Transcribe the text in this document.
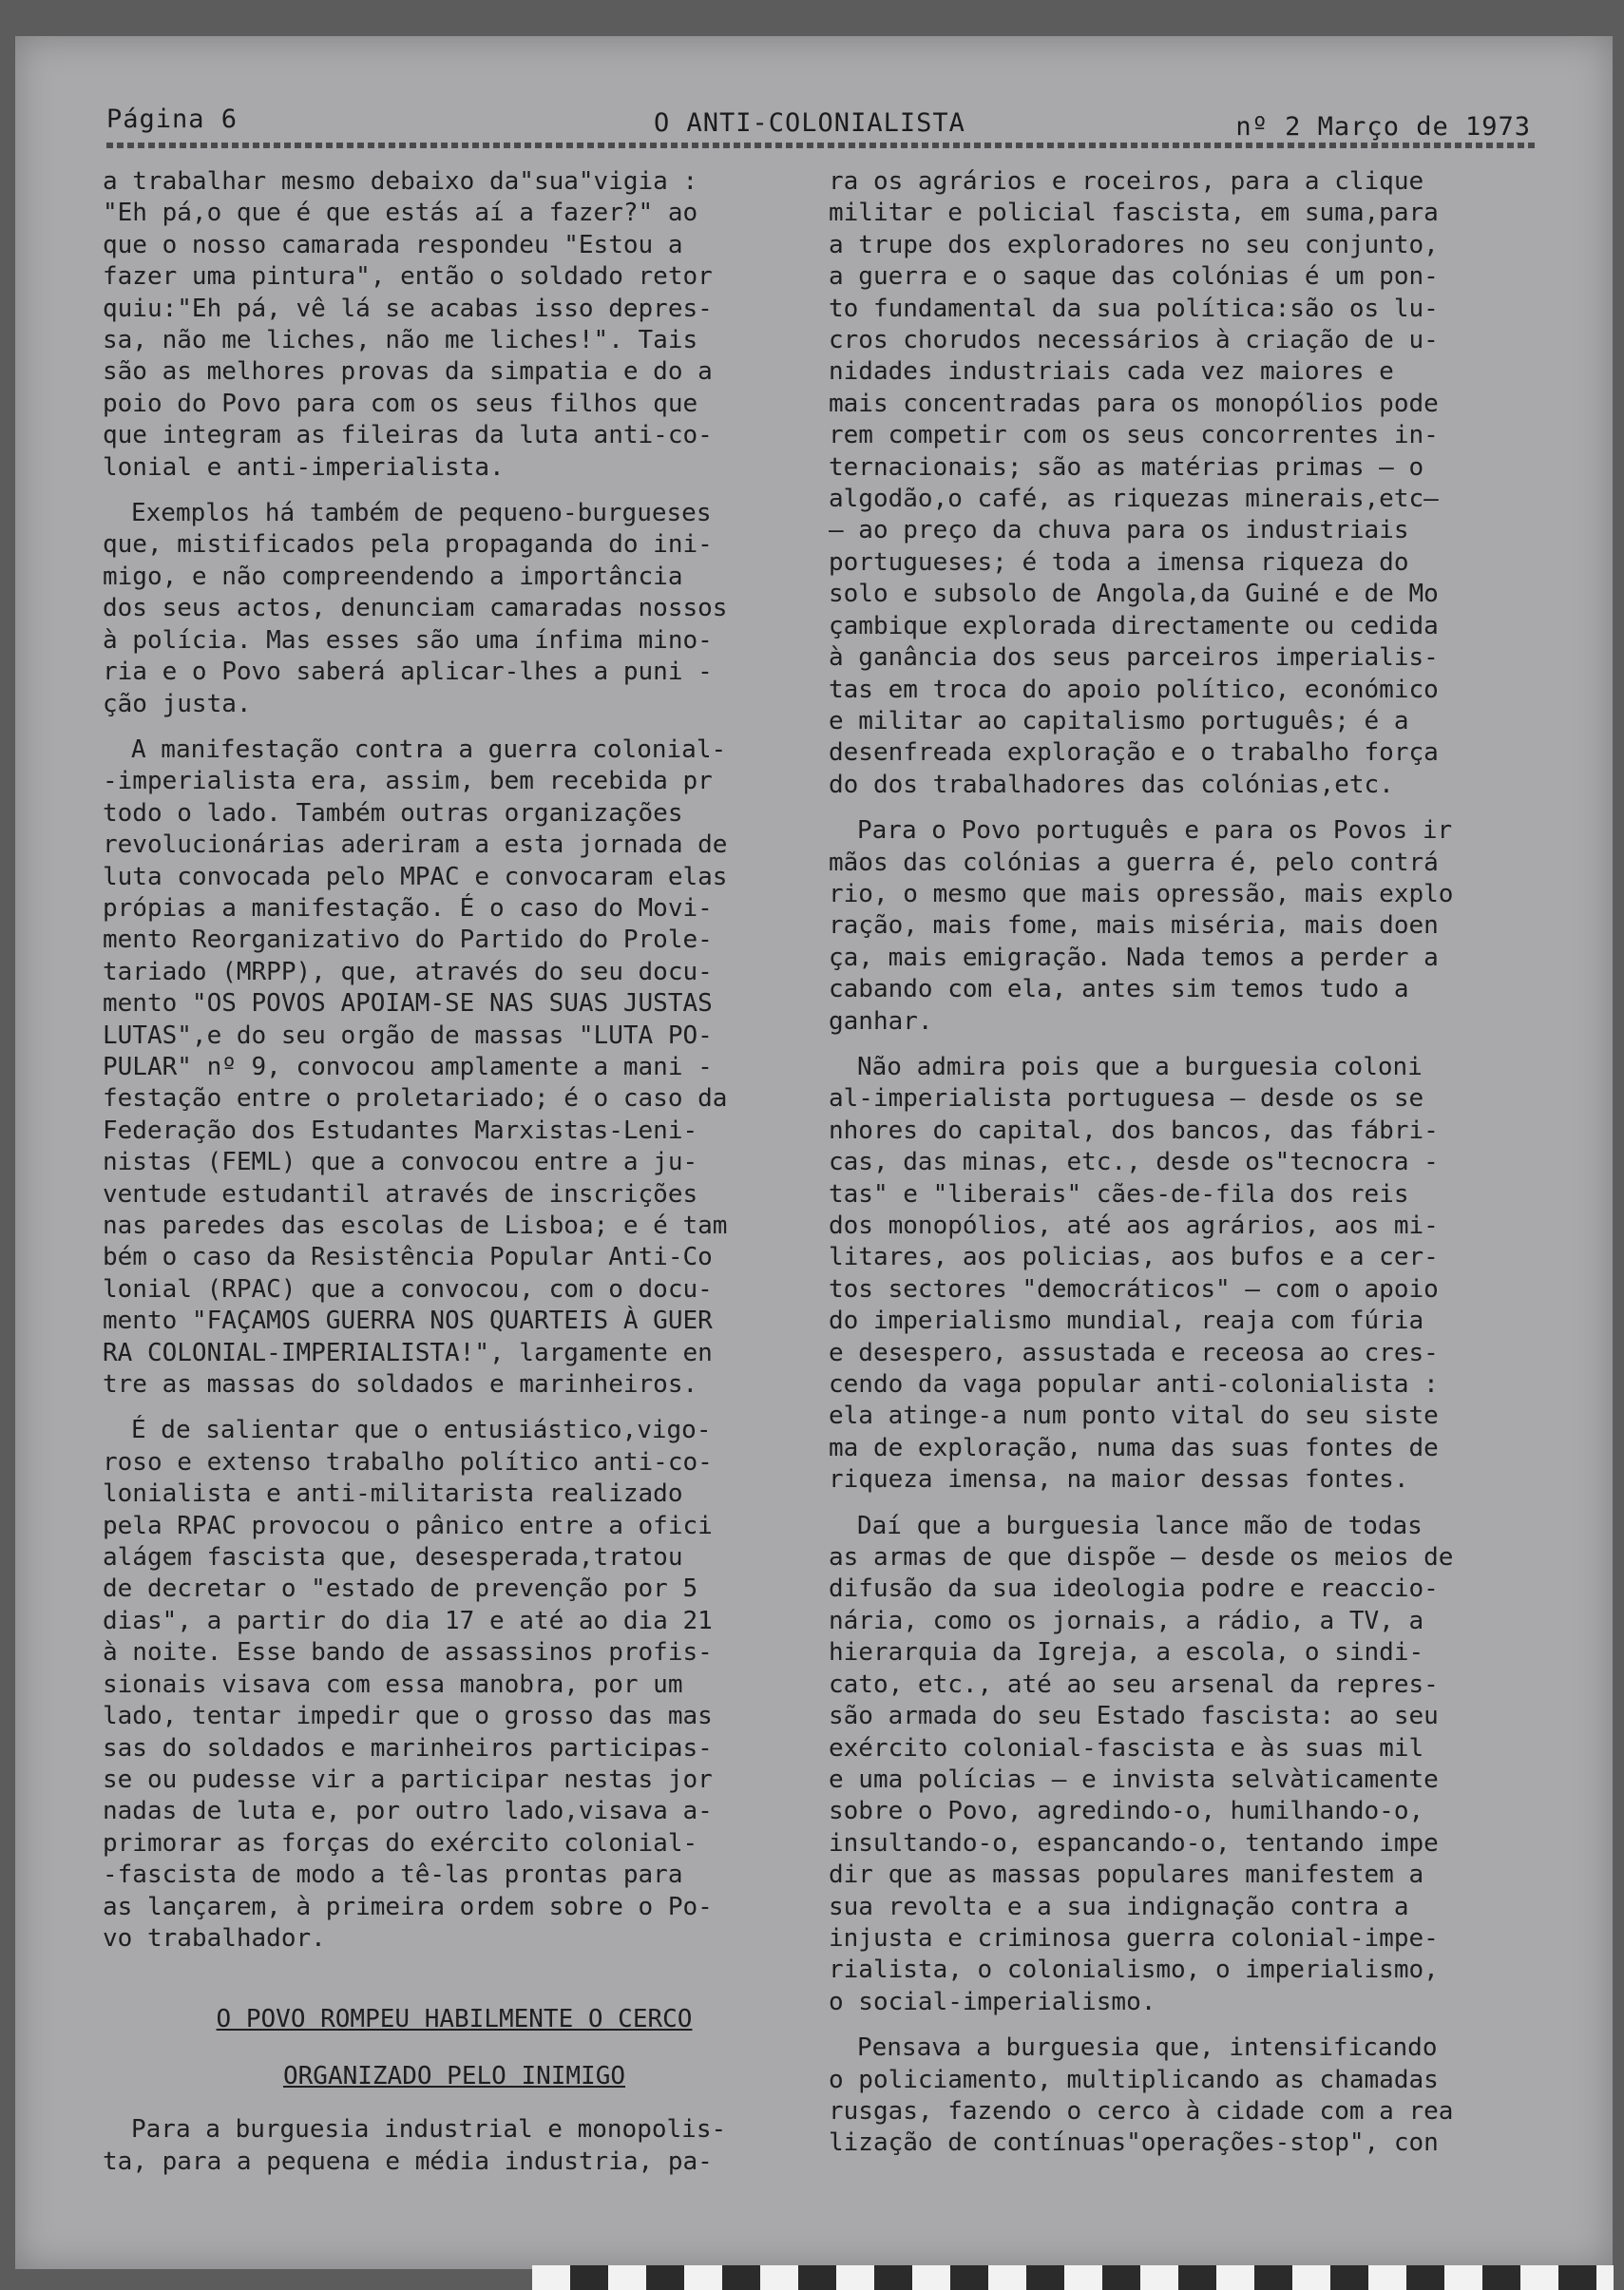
Página 6	O ANTI-COLONIALISTA	nº 2 Março de 1973

a trabalhar mesmo debaixo da"sua"vigia :
"Eh pá,o que é que estás aí a fazer?" ao
que o nosso camarada respondeu "Estou a
fazer uma pintura", então o soldado retor
quiu:"Eh pá, vê lá se acabas isso depres-
sa, não me liches, não me liches!". Tais
são as melhores provas da simpatia e do a
poio do Povo para com os seus filhos que
que integram as fileiras da luta anti-co-
lonial e anti-imperialista.

Exemplos há também de pequeno-burgueses
que, mistificados pela propaganda do ini-
migo, e não compreendendo a importância
dos seus actos, denunciam camaradas nossos
à polícia. Mas esses são uma ínfima mino-
ria e o Povo saberá aplicar-lhes a puni -
ção justa.

A manifestação contra a guerra colonial-
-imperialista era, assim, bem recebida pr
todo o lado. Também outras organizações
revolucionárias aderiram a esta jornada de
luta convocada pelo MPAC e convocaram elas
própias a manifestação. É o caso do Movi-
mento Reorganizativo do Partido do Prole-
tariado (MRPP), que, através do seu docu-
mento "OS POVOS APOIAM-SE NAS SUAS JUSTAS
LUTAS",e do seu orgão de massas "LUTA PO-
PULAR" nº 9, convocou amplamente a mani -
festação entre o proletariado; é o caso da
Federação dos Estudantes Marxistas-Leni-
nistas (FEML) que a convocou entre a ju-
ventude estudantil através de inscrições
nas paredes das escolas de Lisboa; e é tam
bém o caso da Resistência Popular Anti-Co
lonial (RPAC) que a convocou, com o docu-
mento "FAÇAMOS GUERRA NOS QUARTEIS À GUER
RA COLONIAL-IMPERIALISTA!", largamente en
tre as massas do soldados e marinheiros.

É de salientar que o entusiástico,vigo-
roso e extenso trabalho político anti-co-
lonialista e anti-militarista realizado
pela RPAC provocou o pânico entre a ofici
alágem fascista que, desesperada,tratou
de decretar o "estado de prevenção por 5
dias", a partir do dia 17 e até ao dia 21
à noite. Esse bando de assassinos profis-
sionais visava com essa manobra, por um
lado, tentar impedir que o grosso das mas
sas do soldados e marinheiros participas-
se ou pudesse vir a participar nestas jor
nadas de luta e, por outro lado,visava a-
primorar as forças do exército colonial-
-fascista de modo a tê-las prontas para
as lançarem, à primeira ordem sobre o Po-
vo trabalhador.

O POVO ROMPEU HABILMENTE O CERCO
ORGANIZADO PELO INIMIGO

Para a burguesia industrial e monopolis-
ta, para a pequena e média industria, pa-

ra os agrários e roceiros, para a clique
militar e policial fascista, em suma,para
a trupe dos exploradores no seu conjunto,
a guerra e o saque das colónias é um pon-
to fundamental da sua política:são os lu-
cros chorudos necessários à criação de u-
nidades industriais cada vez maiores e
mais concentradas para os monopólios pode
rem competir com os seus concorrentes in-
ternacionais; são as matérias primas — o
algodão,o café, as riquezas minerais,etc—
— ao preço da chuva para os industriais
portugueses; é toda a imensa riqueza do
solo e subsolo de Angola,da Guiné e de Mo
çambique explorada directamente ou cedida
à ganância dos seus parceiros imperialis-
tas em troca do apoio político, económico
e militar ao capitalismo português; é a
desenfreada exploração e o trabalho força
do dos trabalhadores das colónias,etc.

Para o Povo português e para os Povos ir
mãos das colónias a guerra é, pelo contrá
rio, o mesmo que mais opressão, mais explo
ração, mais fome, mais miséria, mais doen
ça, mais emigração. Nada temos a perder a
cabando com ela, antes sim temos tudo a
ganhar.

Não admira pois que a burguesia coloni
al-imperialista portuguesa — desde os se
nhores do capital, dos bancos, das fábri-
cas, das minas, etc., desde os"tecnocra -
tas" e "liberais" cães-de-fila dos reis
dos monopólios, até aos agrários, aos mi-
litares, aos policias, aos bufos e a cer-
tos sectores "democráticos" — com o apoio
do imperialismo mundial, reaja com fúria
e desespero, assustada e receosa ao cres-
cendo da vaga popular anti-colonialista :
ela atinge-a num ponto vital do seu siste
ma de exploração, numa das suas fontes de
riqueza imensa, na maior dessas fontes.

Daí que a burguesia lance mão de todas
as armas de que dispõe — desde os meios de
difusão da sua ideologia podre e reaccio-
nária, como os jornais, a rádio, a TV, a
hierarquia da Igreja, a escola, o sindi-
cato, etc., até ao seu arsenal da repres-
são armada do seu Estado fascista: ao seu
exército colonial-fascista e às suas mil
e uma polícias — e invista selvàticamente
sobre o Povo, agredindo-o, humilhando-o,
insultando-o, espancando-o, tentando impe
dir que as massas populares manifestem a
sua revolta e a sua indignação contra a
injusta e criminosa guerra colonial-impe-
rialista, o colonialismo, o imperialismo,
o social-imperialismo.

Pensava a burguesia que, intensificando
o policiamento, multiplicando as chamadas
rusgas, fazendo o cerco à cidade com a rea
lização de contínuas"operações-stop", con
